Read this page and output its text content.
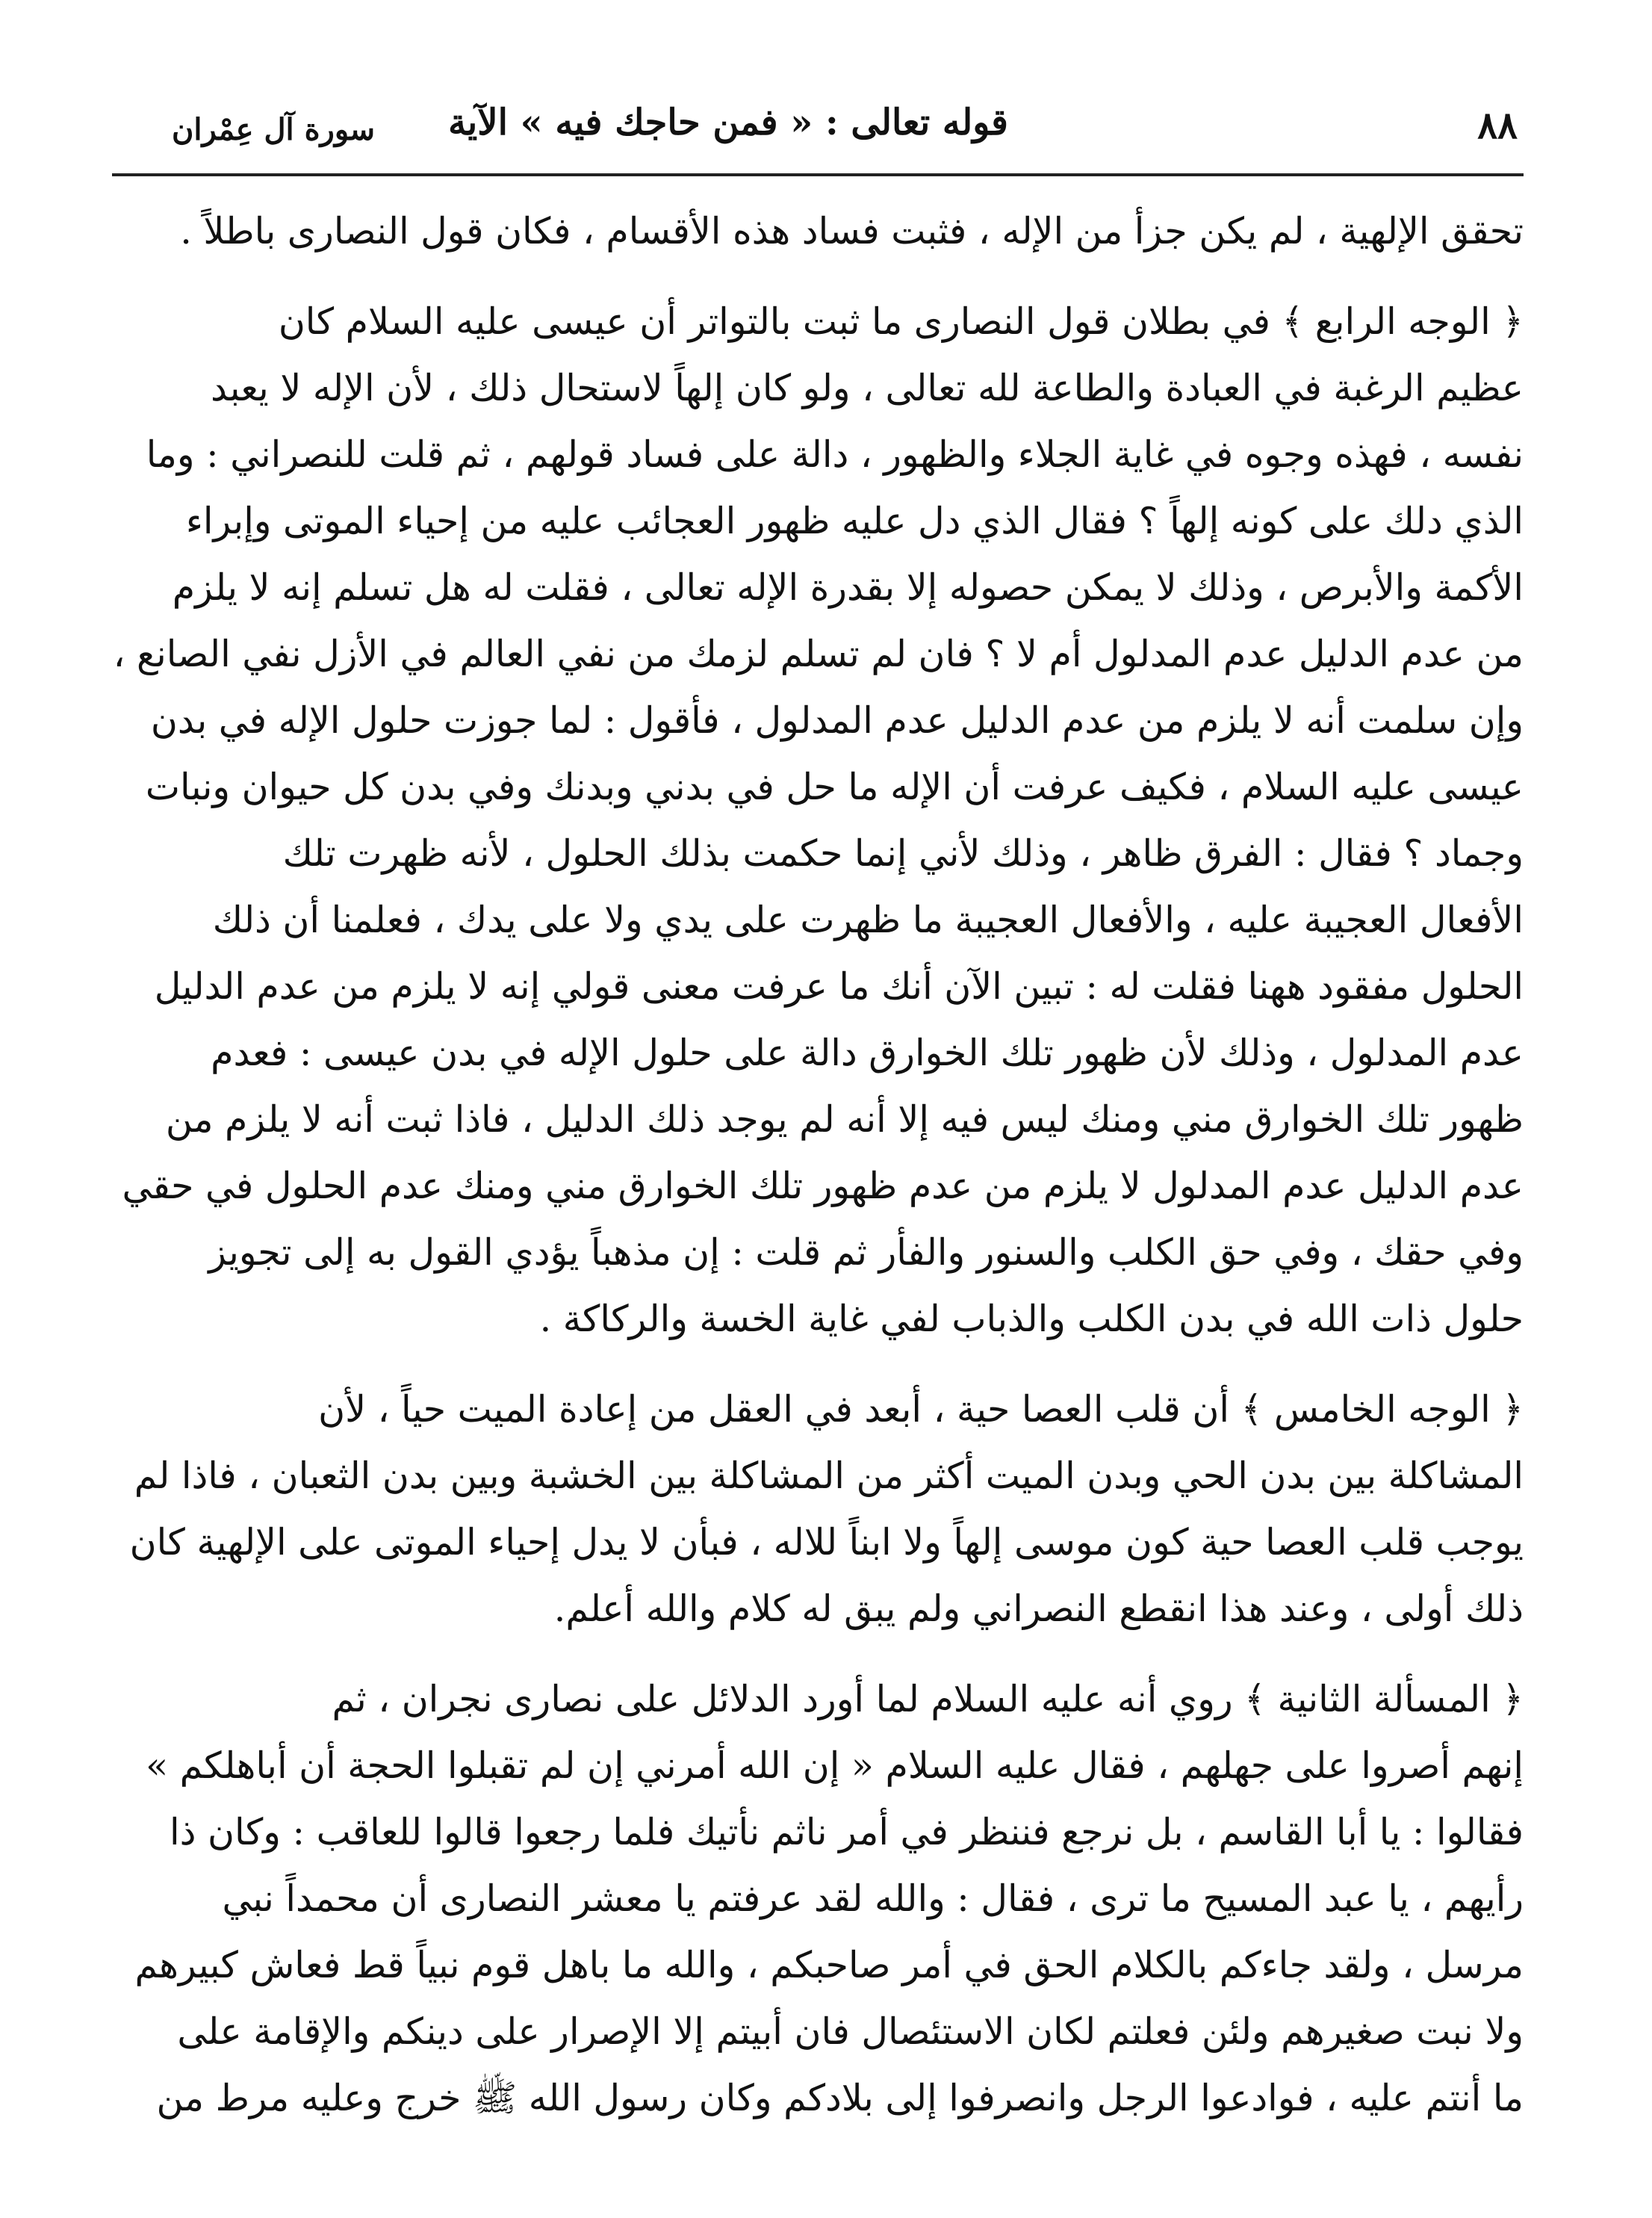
٨٨
قوله تعالى : « فمن حاجك فيه » الآية
سورة آل عِمْران
تحقق الإلهية ، لم يكن جزأ من الإله ، فثبت فساد هذه الأقسام ، فكان قول النصارى باطلاً .
﴿ الوجه الرابع ﴾ في بطلان قول النصارى ما ثبت بالتواتر أن عيسى عليه السلام كان
عظيم الرغبة في العبادة والطاعة لله تعالى ، ولو كان إلهاً لاستحال ذلك ، لأن الإله لا يعبد
نفسه ، فهذه وجوه في غاية الجلاء والظهور ، دالة على فساد قولهم ، ثم قلت للنصراني : وما
الذي دلك على كونه إلهاً ؟ فقال الذي دل عليه ظهور العجائب عليه من إحياء الموتى وإبراء
الأكمة والأبرص ، وذلك لا يمكن حصوله إلا بقدرة الإله تعالى ، فقلت له هل تسلم إنه لا يلزم
من عدم الدليل عدم المدلول أم لا ؟ فان لم تسلم لزمك من نفي العالم في الأزل نفي الصانع ،
وإن سلمت أنه لا يلزم من عدم الدليل عدم المدلول ، فأقول : لما جوزت حلول الإله في بدن
عيسى عليه السلام ، فكيف عرفت أن الإله ما حل في بدني وبدنك وفي بدن كل حيوان ونبات
وجماد ؟ فقال : الفرق ظاهر ، وذلك لأني إنما حكمت بذلك الحلول ، لأنه ظهرت تلك
الأفعال العجيبة عليه ، والأفعال العجيبة ما ظهرت على يدي ولا على يدك ، فعلمنا أن ذلك
الحلول مفقود ههنا فقلت له : تبين الآن أنك ما عرفت معنى قولي إنه لا يلزم من عدم الدليل
عدم المدلول ، وذلك لأن ظهور تلك الخوارق دالة على حلول الإله في بدن عيسى : فعدم
ظهور تلك الخوارق مني ومنك ليس فيه إلا أنه لم يوجد ذلك الدليل ، فاذا ثبت أنه لا يلزم من
عدم الدليل عدم المدلول لا يلزم من عدم ظهور تلك الخوارق مني ومنك عدم الحلول في حقي
وفي حقك ، وفي حق الكلب والسنور والفأر ثم قلت : إن مذهباً يؤدي القول به إلى تجويز
حلول ذات الله في بدن الكلب والذباب لفي غاية الخسة والركاكة .
﴿ الوجه الخامس ﴾ أن قلب العصا حية ، أبعد في العقل من إعادة الميت حياً ، لأن
المشاكلة بين بدن الحي وبدن الميت أكثر من المشاكلة بين الخشبة وبين بدن الثعبان ، فاذا لم
يوجب قلب العصا حية كون موسى إلهاً ولا ابناً للاله ، فبأن لا يدل إحياء الموتى على الإلهية كان
ذلك أولى ، وعند هذا انقطع النصراني ولم يبق له كلام والله أعلم.
﴿ المسألة الثانية ﴾ روي أنه عليه السلام لما أورد الدلائل على نصارى نجران ، ثم
إنهم أصروا على جهلهم ، فقال عليه السلام « إن الله أمرني إن لم تقبلوا الحجة أن أباهلكم »
فقالوا : يا أبا القاسم ، بل نرجع فننظر في أمر ناثم نأتيك فلما رجعوا قالوا للعاقب : وكان ذا
رأيهم ، يا عبد المسيح ما ترى ، فقال : والله لقد عرفتم يا معشر النصارى أن محمداً نبي
مرسل ، ولقد جاءكم بالكلام الحق في أمر صاحبكم ، والله ما باهل قوم نبياً قط فعاش كبيرهم
ولا نبت صغيرهم ولئن فعلتم لكان الاستئصال فان أبيتم إلا الإصرار على دينكم والإقامة على
ما أنتم عليه ، فوادعوا الرجل وانصرفوا إلى بلادكم وكان رسول الله ﷺ خرج وعليه مرط من
